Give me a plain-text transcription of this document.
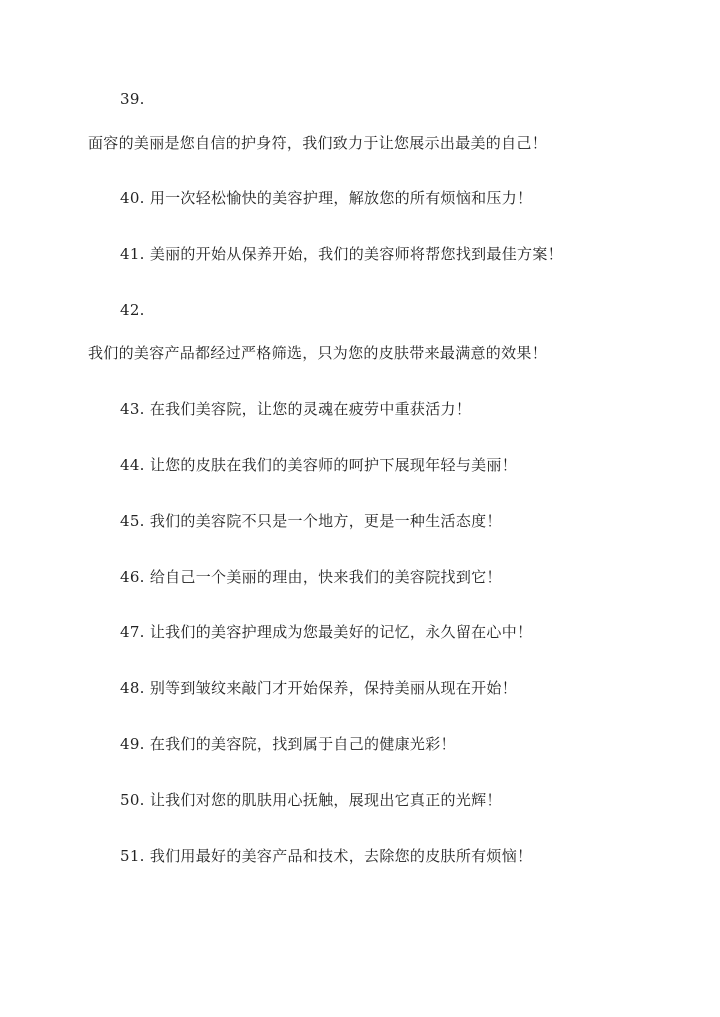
39.
面容的美丽是您自信的护身符，我们致力于让您展示出最美的自己！
40. 用一次轻松愉快的美容护理，解放您的所有烦恼和压力！
41. 美丽的开始从保养开始，我们的美容师将帮您找到最佳方案！
42.
我们的美容产品都经过严格筛选，只为您的皮肤带来最满意的效果！
43. 在我们美容院，让您的灵魂在疲劳中重获活力！
44. 让您的皮肤在我们的美容师的呵护下展现年轻与美丽！
45. 我们的美容院不只是一个地方，更是一种生活态度！
46. 给自己一个美丽的理由，快来我们的美容院找到它！
47. 让我们的美容护理成为您最美好的记忆，永久留在心中！
48. 别等到皱纹来敲门才开始保养，保持美丽从现在开始！
49. 在我们的美容院，找到属于自己的健康光彩！
50. 让我们对您的肌肤用心抚触，展现出它真正的光辉！
51. 我们用最好的美容产品和技术，去除您的皮肤所有烦恼！
